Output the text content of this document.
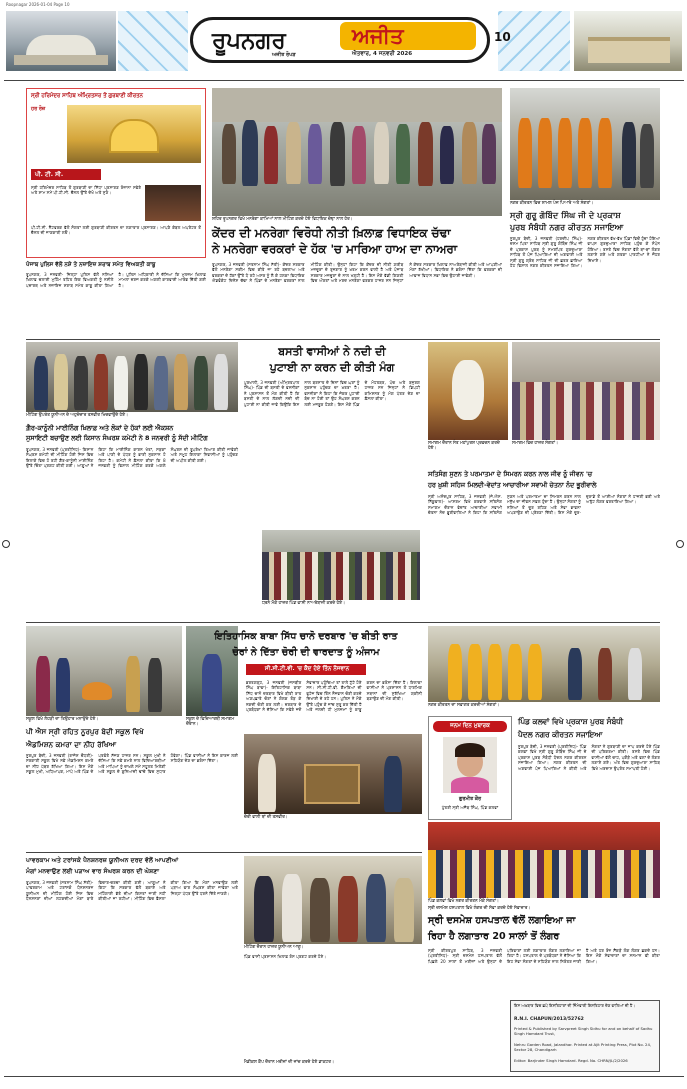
Roopnagar 2026-01-04 Page 10
ਰੂਪਨਗਰ	ਅਜੀਤ
ਅਜੀਤ ਰੋਪੜ	ਐਤਵਾਰ, 4 ਜਨਵਰੀ 2026
10
ਸ੍ਰੀ ਹਰਿਮੰਦਰ ਸਾਹਿਬ ਅੰਮ੍ਰਿਤਸਰ ਤੋਂ ਗੁਰਬਾਣੀ ਕੀਰਤਨ
ਹਰ ਰੋਜ਼
ਪੀ. ਟੀ. ਸੀ.
ਸ੍ਰੀ ਹਰਿਮੰਦਰ ਸਾਹਿਬ ਤੋਂ ਗੁਰਬਾਣੀ ਦਾ ਸਿੱਧਾ ਪ੍ਰਸਾਰਣ ਰੋਜ਼ਾਨਾ ਸਵੇਰੇ ਅਤੇ ਸ਼ਾਮ ਸਮੇਂ ਪੀ.ਟੀ.ਸੀ. ਚੈਨਲ ਉੱਤੇ ਦੇਖੋ ਅਤੇ ਸੁਣੋ।
ਪੀ.ਟੀ.ਸੀ. ਨੈੱਟਵਰਕ ਵੱਲੋਂ ਸੰਗਤਾਂ ਲਈ ਗੁਰਬਾਣੀ ਕੀਰਤਨ ਦਾ ਲਗਾਤਾਰ ਪ੍ਰਸਾਰਣ। ਆਪਣੇ ਕੇਬਲ ਅਪਰੇਟਰ ਤੋਂ ਚੈਨਲ ਦੀ ਜਾਣਕਾਰੀ ਲਓ।
ਸ਼ਹਿਰ ਰੂਪਨਗਰ ਵਿਖੇ ਮਨਰੇਗਾ ਕਾਮਿਆਂ ਨਾਲ ਮੀਟਿੰਗ ਕਰਦੇ ਹੋਏ ਵਿਧਾਇਕ ਚੱਢਾ ਨਾਲ ਹੋਰ।
ਨਗਰ ਕੀਰਤਨ ਵਿਚ ਸ਼ਾਮਲ ਪੰਜ ਪਿਆਰੇ ਅਤੇ ਸੰਗਤਾਂ।
ਕੇਂਦਰ ਦੀ ਮਨਰੇਗਾ ਵਿਰੋਧੀ ਨੀਤੀ ਖ਼ਿਲਾਫ਼ ਵਿਧਾਇਕ ਚੱਢਾ
ਨੇ ਮਨਰੇਗਾ ਵਰਕਰਾਂ ਦੇ ਹੱਕ 'ਚ ਮਾਰਿਆ ਹਾਅ ਦਾ ਨਾਅਰਾ
ਰੂਪਨਗਰ, 3 ਜਨਵਰੀ (ਸਤਨਾਮ ਸਿੰਘ ਸੱਤੀ)- ਕੇਂਦਰ ਸਰਕਾਰ ਵੱਲੋਂ ਮਨਰੇਗਾ ਸਕੀਮ ਵਿਚ ਕੀਤੇ ਜਾ ਰਹੇ ਬਦਲਾਅ ਅਤੇ ਵਰਕਰਾਂ ਦੇ ਹੱਕਾਂ ਉੱਤੇ ਪੈ ਰਹੇ ਅਸਰ ਨੂੰ ਲੈ ਕੇ ਹਲਕਾ ਵਿਧਾਇਕ ਐਡਵੋਕੇਟ ਦਿਨੇਸ਼ ਚੱਢਾ ਨੇ ਪਿੰਡਾਂ ਦੇ ਮਨਰੇਗਾ ਵਰਕਰਾਂ ਨਾਲ ਮੀਟਿੰਗ ਕੀਤੀ। ਉਨ੍ਹਾਂ ਕਿਹਾ ਕਿ ਕੇਂਦਰ ਦੀ ਨੀਤੀ ਗ਼ਰੀਬ ਮਜ਼ਦੂਰਾਂ ਦੇ ਰੁਜ਼ਗਾਰ ਨੂੰ ਖ਼ਤਮ ਕਰਨ ਵਾਲੀ ਹੈ ਅਤੇ ਪੰਜਾਬ ਸਰਕਾਰ ਮਜ਼ਦੂਰਾਂ ਦੇ ਨਾਲ ਖੜ੍ਹੀ ਹੈ। ਇਸ ਮੌਕੇ ਵੱਡੀ ਗਿਣਤੀ ਵਿਚ ਔਰਤਾਂ ਅਤੇ ਮਰਦ ਮਨਰੇਗਾ ਵਰਕਰ ਹਾਜ਼ਰ ਸਨ ਜਿਨ੍ਹਾਂ ਨੇ ਕੇਂਦਰ ਸਰਕਾਰ ਖ਼ਿਲਾਫ਼ ਨਾਅਰੇਬਾਜ਼ੀ ਕੀਤੀ ਅਤੇ ਆਪਣੀਆਂ ਮੰਗਾਂ ਰੱਖੀਆਂ। ਵਿਧਾਇਕ ਨੇ ਭਰੋਸਾ ਦਿੱਤਾ ਕਿ ਵਰਕਰਾਂ ਦੀ ਆਵਾਜ਼ ਵਿਧਾਨ ਸਭਾ ਵਿਚ ਉਠਾਈ ਜਾਵੇਗੀ।
ਸ੍ਰੀ ਗੁਰੂ ਗੋਬਿੰਦ ਸਿੰਘ ਜੀ ਦੇ ਪ੍ਰਕਾਸ਼
ਪੁਰਬ ਸੰਬੰਧੀ ਨਗਰ ਕੀਰਤਨ ਸਜਾਇਆ
ਨੂਰਪੁਰ ਬੇਦੀ, 3 ਜਨਵਰੀ (ਹਰਦੀਪ ਸਿੰਘ)- ਦਸਮ ਪਿਤਾ ਸਾਹਿਬ ਸ੍ਰੀ ਗੁਰੂ ਗੋਬਿੰਦ ਸਿੰਘ ਜੀ ਦੇ ਪ੍ਰਕਾਸ਼ ਪੁਰਬ ਨੂੰ ਸਮਰਪਿਤ ਗੁਰਦੁਆਰਾ ਸਾਹਿਬ ਤੋਂ ਪੰਜ ਪਿਆਰਿਆਂ ਦੀ ਅਗਵਾਈ ਅਤੇ ਸ੍ਰੀ ਗੁਰੂ ਗ੍ਰੰਥ ਸਾਹਿਬ ਜੀ ਦੀ ਛਤਰ ਛਾਇਆ ਹੇਠ ਵਿਸ਼ਾਲ ਨਗਰ ਕੀਰਤਨ ਸਜਾਇਆ ਗਿਆ। ਨਗਰ ਕੀਰਤਨ ਵੱਖ-ਵੱਖ ਪਿੰਡਾਂ ਵਿਚੋਂ ਹੁੰਦਾ ਹੋਇਆ ਵਾਪਸ ਗੁਰਦੁਆਰਾ ਸਾਹਿਬ ਪਹੁੰਚ ਕੇ ਸੰਪੰਨ ਹੋਇਆ। ਰਸਤੇ ਵਿਚ ਸੰਗਤਾਂ ਵੱਲੋਂ ਥਾਂ-ਥਾਂ ਲੰਗਰ ਲਗਾਏ ਗਏ ਅਤੇ ਗਤਕਾ ਪਾਰਟੀਆਂ ਨੇ ਜੌਹਰ ਦਿਖਾਏ।
ਪੰਜਾਬ ਪੁਲਿਸ ਵੱਲੋਂ ਨਸ਼ੇ ਤੇ ਨਜ਼ਾਇਜ਼ ਸ਼ਰਾਬ ਸਮੇਤ ਵਿਅਕਤੀ ਕਾਬੂ
ਰੂਪਨਗਰ, 3 ਜਨਵਰੀ- ਜ਼ਿਲ੍ਹਾ ਪੁਲਿਸ ਵੱਲੋਂ ਨਸ਼ਿਆਂ ਖ਼ਿਲਾਫ਼ ਚਲਾਈ ਮੁਹਿੰਮ ਤਹਿਤ ਇਕ ਵਿਅਕਤੀ ਨੂੰ ਨਸ਼ੀਲੇ ਪਦਾਰਥ ਅਤੇ ਨਜ਼ਾਇਜ਼ ਸ਼ਰਾਬ ਸਮੇਤ ਕਾਬੂ ਕੀਤਾ ਗਿਆ ਹੈ। ਪੁਲਿਸ ਅਧਿਕਾਰੀ ਨੇ ਦੱਸਿਆ ਕਿ ਮੁਲਜ਼ਮ ਖ਼ਿਲਾਫ਼ ਮਾਮਲਾ ਦਰਜ ਕਰਕੇ ਅਗਲੀ ਕਾਰਵਾਈ ਆਰੰਭ ਦਿੱਤੀ ਗਈ ਹੈ।
ਮੀਟਿੰਗ ਉਪਰੰਤ ਯੂਨੀਅਨ ਦੇ ਅਹੁਦੇਦਾਰ ਤਸਵੀਰ ਖਿਚਵਾਉਂਦੇ ਹੋਏ।
ਬਸਤੀ ਵਾਸੀਆਂ ਨੇ ਨਦੀ ਦੀ
ਪੁਟਾਈ ਨਾ ਕਰਨ ਦੀ ਕੀਤੀ ਮੰਗ
ਪੁਰਖਾਲੀ, 3 ਜਨਵਰੀ (ਅੰਮ੍ਰਿਤਪਾਲ ਸਿੰਘ)- ਪਿੰਡ ਦੀ ਬਸਤੀ ਦੇ ਵਸਨੀਕਾਂ ਨੇ ਪ੍ਰਸ਼ਾਸਨ ਤੋਂ ਮੰਗ ਕੀਤੀ ਹੈ ਕਿ ਬਸਤੀ ਦੇ ਨਾਲ ਲੱਗਦੀ ਨਦੀ ਦੀ ਪੁਟਾਈ ਨਾ ਕੀਤੀ ਜਾਵੇ ਕਿਉਂਕਿ ਇਸ ਨਾਲ ਬਰਸਾਤ ਦੇ ਦਿਨਾਂ ਵਿਚ ਘਰਾਂ ਨੂੰ ਨੁਕਸਾਨ ਪਹੁੰਚਣ ਦਾ ਖ਼ਤਰਾ ਹੈ। ਵਸਨੀਕਾਂ ਨੇ ਕਿਹਾ ਕਿ ਜੇਕਰ ਪੁਟਾਈ ਬੰਦ ਨਾ ਹੋਈ ਤਾਂ ਉਹ ਸੰਘਰਸ਼ ਕਰਨ ਲਈ ਮਜਬੂਰ ਹੋਣਗੇ। ਇਸ ਮੌਕੇ ਪਿੰਡ ਦੇ ਮੋਹਤਬਰ, ਪੰਚ ਅਤੇ ਬਜ਼ੁਰਗ ਹਾਜ਼ਰ ਸਨ ਜਿਨ੍ਹਾਂ ਨੇ ਡਿਪਟੀ ਕਮਿਸ਼ਨਰ ਨੂੰ ਮੰਗ ਪੱਤਰ ਦੇਣ ਦਾ ਫ਼ੈਸਲਾ ਕੀਤਾ।
ਸਮਾਗਮ ਦੌਰਾਨ ਸੰਤ ਮਹਾਂਪੁਰਸ਼ ਪ੍ਰਵਚਨ ਕਰਦੇ ਹੋਏ।
ਸਮਾਗਮ ਵਿਚ ਹਾਜ਼ਰ ਸੰਗਤਾਂ।
ਗ਼ੈਰ-ਕਾਨੂੰਨੀ ਮਾਈਨਿੰਗ ਖ਼ਿਲਾਫ਼ ਅਤੇ ਲੋਕਾਂ ਦੇ ਹੱਕਾਂ ਲਈ ਐਕਸ਼ਨ
ਸੁਸਾਇਟੀ ਬਚਾਉਣ ਲਈ ਕਿਸਾਨ ਸੰਘਰਸ਼ ਕਮੇਟੀ ਨੇ 8 ਜਨਵਰੀ ਨੂੰ ਸੱਦੀ ਮੀਟਿੰਗ
ਰੂਪਨਗਰ, 3 ਜਨਵਰੀ (ਪ੍ਰਤੀਨਿਧ)- ਕਿਸਾਨ ਸੰਘਰਸ਼ ਕਮੇਟੀ ਦੀ ਮੀਟਿੰਗ ਹੋਈ ਜਿਸ ਵਿਚ ਇਲਾਕੇ ਵਿਚ ਹੋ ਰਹੀ ਗ਼ੈਰ-ਕਾਨੂੰਨੀ ਮਾਈਨਿੰਗ ਉੱਤੇ ਚਿੰਤਾ ਪ੍ਰਗਟ ਕੀਤੀ ਗਈ। ਆਗੂਆਂ ਨੇ ਕਿਹਾ ਕਿ ਮਾਈਨਿੰਗ ਕਾਰਨ ਖੇਤਾਂ, ਸੜਕਾਂ ਅਤੇ ਪਾਣੀ ਦੇ ਪੱਧਰ ਨੂੰ ਭਾਰੀ ਨੁਕਸਾਨ ਹੋ ਰਿਹਾ ਹੈ। ਕਮੇਟੀ ਨੇ ਫ਼ੈਸਲਾ ਕੀਤਾ ਕਿ 8 ਜਨਵਰੀ ਨੂੰ ਵਿਸ਼ਾਲ ਮੀਟਿੰਗ ਕਰਕੇ ਅਗਲੇ ਸੰਘਰਸ਼ ਦੀ ਰੂਪਰੇਖਾ ਤਿਆਰ ਕੀਤੀ ਜਾਵੇਗੀ ਅਤੇ ਸਮੂਹ ਇਲਾਕਾ ਨਿਵਾਸੀਆਂ ਨੂੰ ਪਹੁੰਚਣ ਦੀ ਅਪੀਲ ਕੀਤੀ ਗਈ।
ਧਰਨੇ ਮੌਕੇ ਹਾਜ਼ਰ ਪਿੰਡ ਵਾਸੀ ਨਾਅਰੇਬਾਜ਼ੀ ਕਰਦੇ ਹੋਏ।
ਸਤਿਸੰਗ ਸੁਣਨ ਤੇ ਪਰਮਾਤਮਾ ਦੇ ਸਿਮਰਨ ਕਰਨ ਨਾਲ ਜੀਵ ਨੂੰ ਜੀਵਨ 'ਚ
ਹਰ ਖ਼ੁਸ਼ੀ ਸਹਿਜ ਮਿਲਦੀ-ਵੇਦਾਂਤ ਆਚਾਰੀਆ ਸਵਾਮੀ ਚੇਤਨਾ ਨੰਦ ਭੂਰੀਵਾਲੇ
ਸ੍ਰੀ ਅਨੰਦਪੁਰ ਸਾਹਿਬ, 3 ਜਨਵਰੀ (ਜੇ.ਐਸ. ਨਿੱਕੂਵਾਲ)- ਆਸ਼ਰਮ ਵਿਖੇ ਕਰਵਾਏ ਸਤਿਸੰਗ ਸਮਾਗਮ ਦੌਰਾਨ ਵੇਦਾਂਤ ਆਚਾਰੀਆ ਸਵਾਮੀ ਚੇਤਨਾ ਨੰਦ ਭੂਰੀਵਾਲਿਆਂ ਨੇ ਕਿਹਾ ਕਿ ਸਤਿਸੰਗ ਸੁਣਨ ਅਤੇ ਪਰਮਾਤਮਾ ਦਾ ਸਿਮਰਨ ਕਰਨ ਨਾਲ ਮਨੁੱਖ ਦਾ ਜੀਵਨ ਸਫ਼ਲ ਹੁੰਦਾ ਹੈ। ਉਨ੍ਹਾਂ ਸੰਗਤਾਂ ਨੂੰ ਨਸ਼ਿਆਂ ਤੋਂ ਦੂਰ ਰਹਿਣ ਅਤੇ ਸੇਵਾ ਭਾਵਨਾ ਅਪਣਾਉਣ ਦੀ ਪ੍ਰੇਰਣਾ ਦਿੱਤੀ। ਇਸ ਮੌਕੇ ਦੂਰ-ਦੁਰਾਡੇ ਤੋਂ ਆਈਆਂ ਸੰਗਤਾਂ ਨੇ ਹਾਜ਼ਰੀ ਭਰੀ ਅਤੇ ਅਤੁੱਟ ਲੰਗਰ ਵਰਤਾਇਆ ਗਿਆ।
ਸਕੂਲ ਵਿਖੇ ਲੋਹੜੀ ਦਾ ਤਿਉਹਾਰ ਮਨਾਉਂਦੇ ਹੋਏ।	ਸਕੂਲ ਦੇ ਵਿਦਿਆਰਥੀ ਸਮਾਗਮ ਦੌਰਾਨ।
ਇਤਿਹਾਸਿਕ ਬਾਬਾ ਸਿੱਧ ਚਾਨੋ ਦਰਬਾਰ 'ਚ ਬੀਤੀ ਰਾਤ
ਚੋਰਾਂ ਨੇ ਦਿੱਤਾ ਚੋਰੀ ਦੀ ਵਾਰਦਾਤ ਨੂੰ ਅੰਜਾਮ
ਸੀ.ਸੀ.ਟੀ.ਵੀ. 'ਚ ਕੈਦ ਹੋਏ ਤਿੰਨ ਨੌਜਵਾਨ
ਨਗਰ ਕੀਰਤਨ ਦਾ ਸਵਾਗਤ ਕਰਦੀਆਂ ਸੰਗਤਾਂ।
ਭਰਤਗੜ੍ਹ, 3 ਜਨਵਰੀ (ਜਸਬੀਰ ਸਿੰਘ ਬਾਵਾ)- ਇਤਿਹਾਸਿਕ ਬਾਬਾ ਸਿੱਧ ਚਾਨੋ ਦਰਬਾਰ ਵਿਖੇ ਬੀਤੀ ਰਾਤ ਅਣਪਛਾਤੇ ਚੋਰਾਂ ਨੇ ਗੋਲਕ ਤੋੜ ਕੇ ਨਕਦੀ ਚੋਰੀ ਕਰ ਲਈ। ਦਰਬਾਰ ਦੇ ਪ੍ਰਬੰਧਕਾਂ ਨੇ ਦੱਸਿਆ ਕਿ ਸਵੇਰੇ ਜਦੋਂ ਸੇਵਾਦਾਰ ਪਹੁੰਚਿਆ ਤਾਂ ਤਾਲੇ ਟੁੱਟੇ ਹੋਏ ਸਨ। ਸੀ.ਸੀ.ਟੀ.ਵੀ. ਕੈਮਰਿਆਂ ਦੀ ਫੁਟੇਜ ਵਿਚ ਤਿੰਨ ਨੌਜਵਾਨ ਚੋਰੀ ਕਰਦੇ ਦਿਖਾਈ ਦੇ ਰਹੇ ਹਨ। ਪੁਲਿਸ ਨੇ ਮੌਕੇ ਉੱਤੇ ਪਹੁੰਚ ਕੇ ਜਾਂਚ ਸ਼ੁਰੂ ਕਰ ਦਿੱਤੀ ਹੈ ਅਤੇ ਜਲਦੀ ਹੀ ਮੁਲਜ਼ਮਾਂ ਨੂੰ ਕਾਬੂ ਕਰਨ ਦਾ ਭਰੋਸਾ ਦਿੱਤਾ ਹੈ। ਇਲਾਕਾ ਵਾਸੀਆਂ ਨੇ ਪ੍ਰਸ਼ਾਸਨ ਤੋਂ ਧਾਰਮਿਕ ਸਥਾਨਾਂ ਦੀ ਸੁਰੱਖਿਆ ਯਕੀਨੀ ਬਣਾਉਣ ਦੀ ਮੰਗ ਕੀਤੀ।
ਜਨਮ ਦਿਨ ਮੁਬਾਰਕ
ਗੁਰਮੀਤ ਕੌਰ
ਪੁੱਤਰੀ ਸ੍ਰੀ ਅਜੈਬ ਸਿੰਘ, ਪਿੰਡ ਕਲਵਾਂ
ਪਿੰਡ ਕਲਵਾਂ ਵਿਖੇ ਪ੍ਰਕਾਸ਼ ਪੁਰਬ ਸੰਬੰਧੀ
ਪੈਦਲ ਨਗਰ ਕੀਰਤਨ ਸਜਾਇਆ
ਨੂਰਪੁਰ ਬੇਦੀ, 3 ਜਨਵਰੀ (ਪ੍ਰਤੀਨਿਧ)- ਪਿੰਡ ਕਲਵਾਂ ਵਿਖੇ ਸ੍ਰੀ ਗੁਰੂ ਗੋਬਿੰਦ ਸਿੰਘ ਜੀ ਦੇ ਪ੍ਰਕਾਸ਼ ਪੁਰਬ ਸੰਬੰਧੀ ਪੈਦਲ ਨਗਰ ਕੀਰਤਨ ਸਜਾਇਆ ਗਿਆ। ਨਗਰ ਕੀਰਤਨ ਦੀ ਅਗਵਾਈ ਪੰਜ ਪਿਆਰਿਆਂ ਨੇ ਕੀਤੀ ਅਤੇ ਸੰਗਤਾਂ ਨੇ ਗੁਰਬਾਣੀ ਦਾ ਜਾਪ ਕਰਦੇ ਹੋਏ ਪਿੰਡ ਦੀ ਪਰਿਕਰਮਾ ਕੀਤੀ। ਰਸਤੇ ਵਿਚ ਪਿੰਡ ਵਾਸੀਆਂ ਵੱਲੋਂ ਚਾਹ, ਪਕੌੜੇ ਅਤੇ ਫਲਾਂ ਦੇ ਲੰਗਰ ਲਗਾਏ ਗਏ। ਅੰਤ ਵਿਚ ਗੁਰਦੁਆਰਾ ਸਾਹਿਬ ਵਿਖੇ ਅਰਦਾਸ ਉਪਰੰਤ ਸਮਾਪਤੀ ਹੋਈ।
ਪੀ ਐਸ ਸ੍ਰੀ ਰਹਿਤ ਨੂਰਪੁਰ ਬੇਦੀ ਸਕੂਲ ਵਿਖੇ
ਐਡਮਿਸ਼ਨ ਕਮਰਾ ਦਾ ਨੀਂਹ ਰੱਖਿਆ
ਨੂਰਪੁਰ ਬੇਦੀ, 3 ਜਨਵਰੀ (ਰਾਜੇਸ਼ ਚੌਧਰੀ)- ਸਰਕਾਰੀ ਸਕੂਲ ਵਿਖੇ ਨਵੇਂ ਐਡਮਿਸ਼ਨ ਕਮਰੇ ਦਾ ਨੀਂਹ ਪੱਥਰ ਰੱਖਿਆ ਗਿਆ। ਇਸ ਮੌਕੇ ਸਕੂਲ ਮੁਖੀ, ਅਧਿਆਪਕ, ਮਾਪੇ ਅਤੇ ਪਿੰਡ ਦੇ ਪਤਵੰਤੇ ਸੱਜਣ ਹਾਜ਼ਰ ਸਨ। ਸਕੂਲ ਮੁਖੀ ਨੇ ਦੱਸਿਆ ਕਿ ਨਵੇਂ ਕਮਰੇ ਨਾਲ ਵਿਦਿਆਰਥੀਆਂ ਅਤੇ ਮਾਪਿਆਂ ਨੂੰ ਦਾਖ਼ਲੇ ਸਮੇਂ ਸਹੂਲਤ ਮਿਲੇਗੀ ਅਤੇ ਸਕੂਲ ਦੇ ਬੁਨਿਆਦੀ ਢਾਂਚੇ ਵਿਚ ਸੁਧਾਰ ਹੋਵੇਗਾ। ਪਿੰਡ ਵਾਸੀਆਂ ਨੇ ਇਸ ਕਾਰਜ ਲਈ ਸਹਿਯੋਗ ਦੇਣ ਦਾ ਭਰੋਸਾ ਦਿੱਤਾ।
ਚੋਰੀ ਵਾਲੀ ਥਾਂ ਦੀ ਤਸਵੀਰ।
ਪਿੰਡ ਕਲਵਾਂ ਵਿਖੇ ਨਗਰ ਕੀਰਤਨ ਮੌਕੇ ਸੰਗਤਾਂ।
ਪਾਵਰਕਾਮ ਅਤੇ ਟਰਾਂਸਕੋ ਪੈਨਸ਼ਨਰਜ਼ ਯੂਨੀਅਨ ਦਰਦ ਵੱਲੋਂ ਆਪਣੀਆਂ
ਮੰਗਾਂ ਮਨਵਾਉਣ ਲਈ ਪੜਾਅ ਵਾਰ ਸੰਘਰਸ਼ ਕਰਨ ਦੀ ਘੋਸ਼ਣਾ
ਰੂਪਨਗਰ, 3 ਜਨਵਰੀ (ਸਤਨਾਮ ਸਿੰਘ ਸੱਤੀ)- ਪਾਵਰਕਾਮ ਅਤੇ ਟਰਾਂਸਕੋ ਪੈਨਸ਼ਨਰਜ਼ ਯੂਨੀਅਨ ਦੀ ਮੀਟਿੰਗ ਹੋਈ ਜਿਸ ਵਿਚ ਪੈਨਸ਼ਨਰਾਂ ਦੀਆਂ ਲਟਕਦੀਆਂ ਮੰਗਾਂ ਬਾਰੇ ਵਿਚਾਰ-ਚਰਚਾ ਕੀਤੀ ਗਈ। ਆਗੂਆਂ ਨੇ ਕਿਹਾ ਕਿ ਸਰਕਾਰ ਵੱਲੋਂ ਬਕਾਏ ਅਤੇ ਮਹਿੰਗਾਈ ਭੱਤੇ ਦੀਆਂ ਕਿਸ਼ਤਾਂ ਜਾਰੀ ਨਹੀਂ ਕੀਤੀਆਂ ਜਾ ਰਹੀਆਂ। ਮੀਟਿੰਗ ਵਿਚ ਫ਼ੈਸਲਾ ਕੀਤਾ ਗਿਆ ਕਿ ਮੰਗਾਂ ਮਨਵਾਉਣ ਲਈ ਪੜਾਅ ਵਾਰ ਸੰਘਰਸ਼ ਕੀਤਾ ਜਾਵੇਗਾ ਅਤੇ ਜ਼ਿਲ੍ਹਾ ਪੱਧਰ ਉੱਤੇ ਧਰਨੇ ਦਿੱਤੇ ਜਾਣਗੇ।
ਮੀਟਿੰਗ ਦੌਰਾਨ ਹਾਜ਼ਰ ਯੂਨੀਅਨ ਆਗੂ।
ਮੈਡੀਕਲ ਕੈਂਪ ਦੌਰਾਨ ਮਰੀਜ਼ਾਂ ਦੀ ਜਾਂਚ ਕਰਦੇ ਹੋਏ ਡਾਕਟਰ।
ਸ੍ਰੀ ਦਸਮੇਸ਼ ਹਸਪਤਾਲ ਵਿਖੇ ਲੰਗਰ ਦੀ ਸੇਵਾ ਕਰਦੇ ਹੋਏ ਸੇਵਾਦਾਰ।
ਸ੍ਰੀ ਦਸਮੇਸ਼ ਹਸਪਤਾਲ ਵੱਲੋਂ ਲਗਾਇਆ ਜਾ
ਰਿਹਾ ਹੈ ਲਗਾਤਾਰ 20 ਸਾਲਾਂ ਤੋਂ ਲੰਗਰ
ਸ੍ਰੀ ਕੀਰਤਪੁਰ ਸਾਹਿਬ, 3 ਜਨਵਰੀ (ਪ੍ਰਤੀਨਿਧ)- ਸ੍ਰੀ ਦਸਮੇਸ਼ ਹਸਪਤਾਲ ਵੱਲੋਂ ਪਿਛਲੇ 20 ਸਾਲਾਂ ਤੋਂ ਮਰੀਜ਼ਾਂ ਅਤੇ ਉਨ੍ਹਾਂ ਦੇ ਪਰਿਵਾਰਾਂ ਲਈ ਲਗਾਤਾਰ ਲੰਗਰ ਲਗਾਇਆ ਜਾ ਰਿਹਾ ਹੈ। ਹਸਪਤਾਲ ਦੇ ਪ੍ਰਬੰਧਕਾਂ ਨੇ ਦੱਸਿਆ ਕਿ ਇਹ ਸੇਵਾ ਸੰਗਤਾਂ ਦੇ ਸਹਿਯੋਗ ਨਾਲ ਨਿਰੰਤਰ ਜਾਰੀ ਹੈ ਅਤੇ ਹਰ ਰੋਜ਼ ਸੈਂਕੜੇ ਲੋਕ ਲੰਗਰ ਛਕਦੇ ਹਨ। ਇਸ ਮੌਕੇ ਸੇਵਾਦਾਰਾਂ ਦਾ ਸਨਮਾਨ ਵੀ ਕੀਤਾ ਗਿਆ।
ਪਿੰਡ ਵਾਸੀ ਪ੍ਰਸ਼ਾਸਨ ਖਿਲਾਫ਼ ਰੋਸ ਪ੍ਰਗਟ ਕਰਦੇ ਹੋਏ।
ਇਸ ਅਖ਼ਬਾਰ ਵਿਚ ਛਪੇ ਇਸ਼ਤਿਹਾਰਾਂ ਦੀ ਜ਼ਿੰਮੇਵਾਰੀ ਇਸ਼ਤਿਹਾਰ ਦੇਣ ਵਾਲਿਆਂ ਦੀ ਹੈ।
R.N.I. CHAPUN/2013/52762
Printed & Published by Sarvpreet Singh Sidhu for and on behalf of Sadhu Singh Hamdard Trust,
Nehru Garden Road, Jalandhar. Printed at Ajit Printing Press, Plot No. 24, Sector 28, Chandigarh
Editor: Barjinder Singh Hamdard. Regd. No. CHRN/JL/2/2026
